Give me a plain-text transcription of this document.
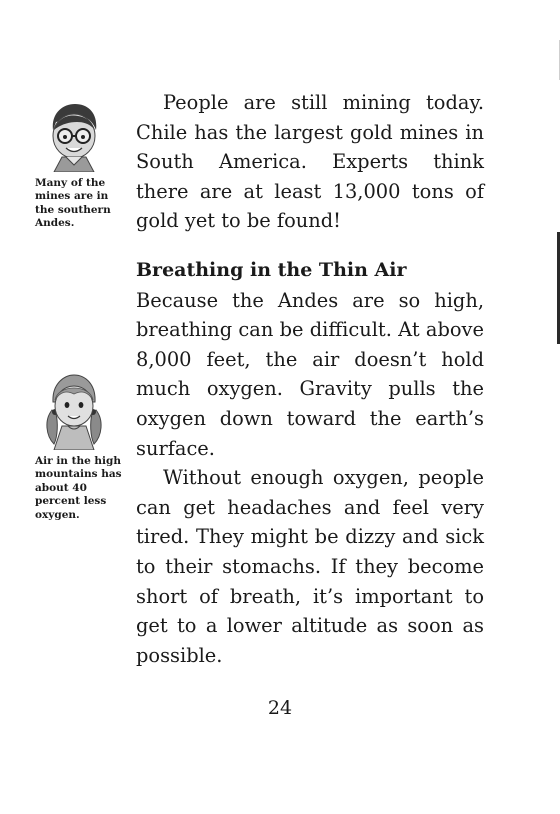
Many of the mines are in the southern Andes.
Air in the high mountains has about 40 percent less oxygen.

People are still mining today. Chile has the largest gold mines in South America. Experts think there are at least 13,000 tons of gold yet to be found!

Breathing in the Thin Air

Because the Andes are so high, breathing can be difficult. At above 8,000 feet, the air doesn’t hold much oxygen. Gravity pulls the oxygen down toward the earth’s surface.

Without enough oxygen, people can get headaches and feel very tired. They might be dizzy and sick to their stomachs. If they become short of breath, it’s important to get to a lower altitude as soon as possible.

24
